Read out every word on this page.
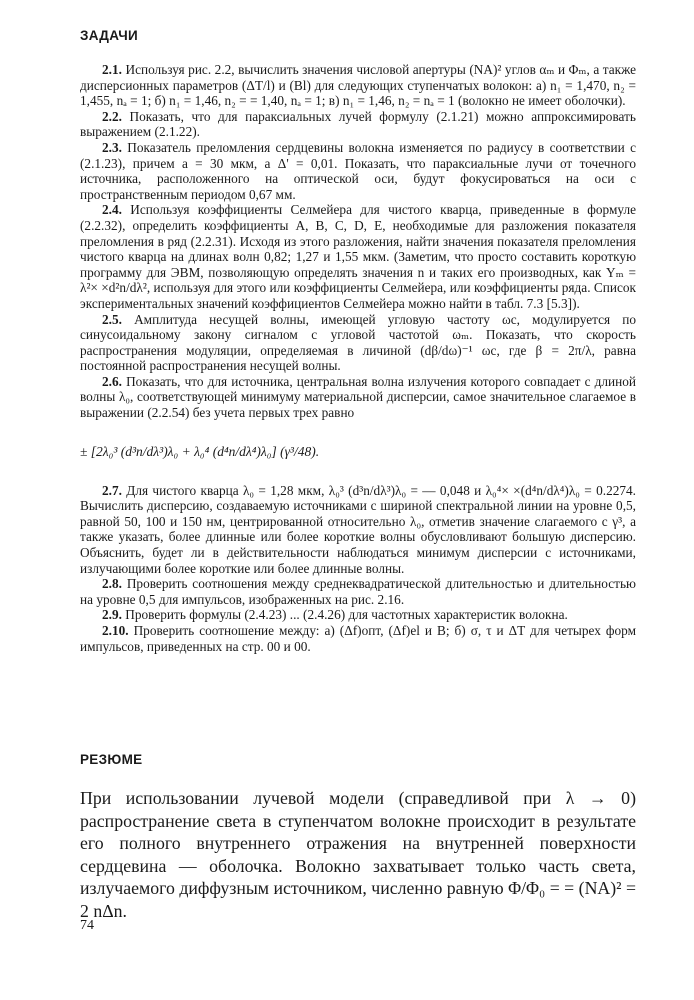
ЗАДАЧИ

2.1. Используя рис. 2.2, вычислить значения числовой апертуры (NA)² углов αₘ и Φₘ, а также дисперсионных параметров (ΔT/l) и (Bl) для следующих ступенчатых волокон: а) n₁ = 1,470, n₂ = 1,455, nₐ = 1; б) n₁ = 1,46, n₂ = = 1,40, nₐ = 1; в) n₁ = 1,46, n₂ = nₐ = 1 (волокно не имеет оболочки).

2.2. Показать, что для параксиальных лучей формулу (2.1.21) можно аппроксимировать выражением (2.1.22).

2.3. Показатель преломления сердцевины волокна изменяется по радиусу в соответствии с (2.1.23), причем a = 30 мкм, а Δ' = 0,01. Показать, что параксиальные лучи от точечного источника, расположенного на оптической оси, будут фокусироваться на оси с пространственным периодом 0,67 мм.

2.4. Используя коэффициенты Селмейера для чистого кварца, приведенные в формуле (2.2.32), определить коэффициенты A, B, C, D, E, необходимые для разложения показателя преломления в ряд (2.2.31). Исходя из этого разложения, найти значения показателя преломления чистого кварца на длинах волн 0,82; 1,27 и 1,55 мкм. (Заметим, что просто составить короткую программу для ЭВМ, позволяющую определять значения n и таких его производных, как Yₘ = λ²× ×d²n/dλ², используя для этого или коэффициенты Селмейера, или коэффициенты ряда. Список экспериментальных значений коэффициентов Селмейера можно найти в табл. 7.3 [5.3]).

2.5. Амплитуда несущей волны, имеющей угловую частоту ωc, модулируется по синусоидальному закону сигналом с угловой частотой ωₘ. Показать, что скорость распространения модуляции, определяемая в личиной (dβ/dω)⁻¹ ωc, где β = 2π/λ, равна постоянной распространения несущей волны.

2.6. Показать, что для источника, центральная волна излучения которого совпадает с длиной волны λ₀, соответствующей минимуму материальной дисперсии, самое значительное слагаемое в выражении (2.2.54) без учета первых трех равно

± [2λ₀³ (d³n/dλ³)λ₀ + λ₀⁴ (d⁴n/dλ⁴)λ₀] (γ³/48).

2.7. Для чистого кварца λ₀ = 1,28 мкм, λ₀³ (d³n/dλ³)λ₀ = — 0,048 и λ₀⁴× ×(d⁴n/dλ⁴)λ₀ = 0.2274. Вычислить дисперсию, создаваемую источниками с шириной спектральной линии на уровне 0,5, равной 50, 100 и 150 нм, центрированной относительно λ₀, отметив значение слагаемого с γ³, а также указать, более длинные или более короткие волны обусловливают большую дисперсию. Объяснить, будет ли в действительности наблюдаться минимум дисперсии с источниками, излучающими более короткие или более длинные волны.

2.8. Проверить соотношения между среднеквадратической длительностью и длительностью на уровне 0,5 для импульсов, изображенных на рис. 2.16.

2.9. Проверить формулы (2.4.23) ... (2.4.26) для частотных характеристик волокна.

2.10. Проверить соотношение между: а) (Δf)опт, (Δf)el и B; б) σ, τ и ΔT для четырех форм импульсов, приведенных на стр. 00 и 00.

РЕЗЮМЕ

При использовании лучевой модели (справедливой при λ → 0) распространение света в ступенчатом волокне происходит в результате его полного внутреннего отражения на внутренней поверхности сердцевина — оболочка. Волокно захватывает только часть света, излучаемого диффузным источником, численно равную Φ/Φ₀ = = (NA)² = 2 nΔn.

74
